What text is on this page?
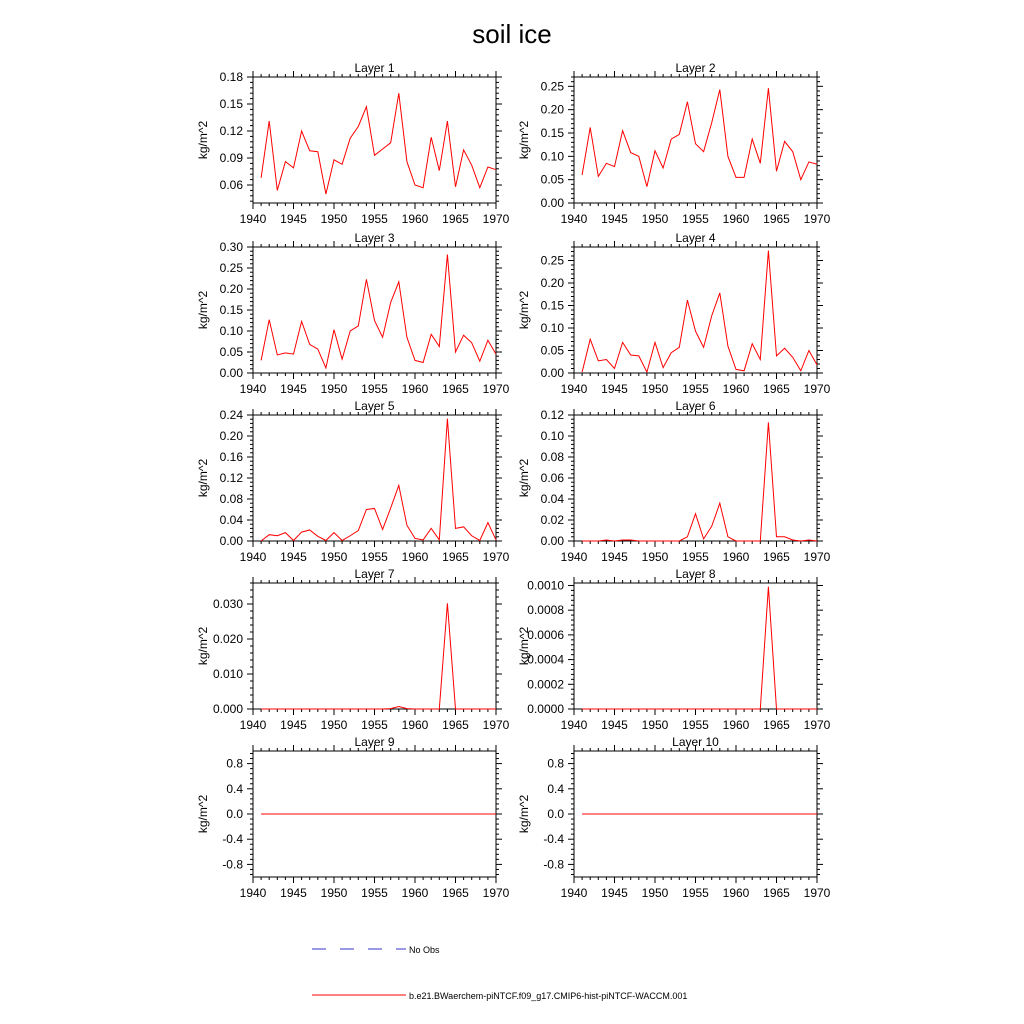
soil ice
Layer 1
kg/m^2
1940 1945 1950 1955 1960 1965 1970
0.06
0.09
0.12
0.15
0.18
Layer 2
kg/m^2
1940 1945 1950 1955 1960 1965 1970
0.00
0.05
0.10
0.15
0.20
0.25
Layer 3
kg/m^2
1940 1945 1950 1955 1960 1965 1970
0.00
0.05
0.10
0.15
0.20
0.25
0.30
Layer 4
kg/m^2
1940 1945 1950 1955 1960 1965 1970
0.00
0.05
0.10
0.15
0.20
0.25
Layer 5
kg/m^2
1940 1945 1950 1955 1960 1965 1970
0.00
0.04
0.08
0.12
0.16
0.20
0.24
Layer 6
kg/m^2
1940 1945 1950 1955 1960 1965 1970
0.00
0.02
0.04
0.06
0.08
0.10
0.12
Layer 7
kg/m^2
1940 1945 1950 1955 1960 1965 1970
0.000
0.010
0.020
0.030
Layer 8
kg/m^2
1940 1945 1950 1955 1960 1965 1970
0.0000
0.0002
0.0004
0.0006
0.0008
0.0010
Layer 9
kg/m^2
1940 1945 1950 1955 1960 1965 1970
-0.8
-0.4
0.0
0.4
0.8
Layer 10
kg/m^2
1940 1945 1950 1955 1960 1965 1970
-0.8
-0.4
0.0
0.4
0.8
No Obs
b.e21.BWaerchem-piNTCF.f09_g17.CMIP6-hist-piNTCF-WACCM.001
